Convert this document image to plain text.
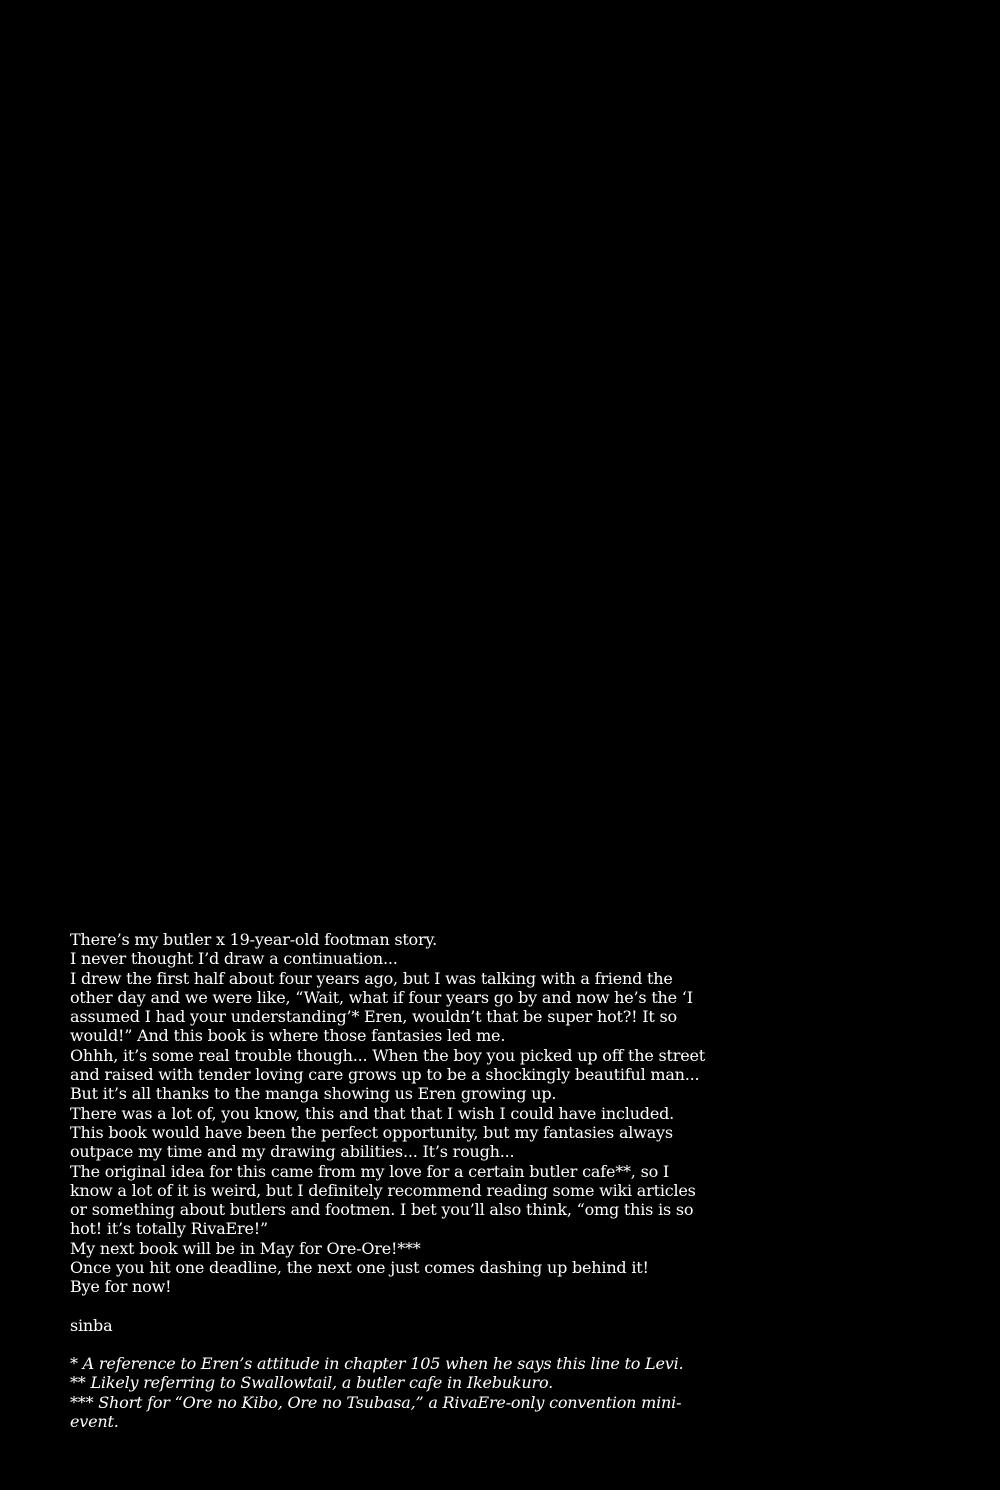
There’s my butler x 19-year-old footman story.

I never thought I’d draw a continuation...

I drew the first half about four years ago, but I was talking with a friend the other day and we were like, “Wait, what if four years go by and now he’s the ‘I assumed I had your understanding’* Eren, wouldn’t that be super hot?! It so would!” And this book is where those fantasies led me.

Ohhh, it’s some real trouble though... When the boy you picked up off the street and raised with tender loving care grows up to be a shockingly beautiful man...

But it’s all thanks to the manga showing us Eren growing up.

There was a lot of, you know, this and that that I wish I could have included. This book would have been the perfect opportunity, but my fantasies always outpace my time and my drawing abilities... It’s rough...

The original idea for this came from my love for a certain butler cafe**, so I know a lot of it is weird, but I definitely recommend reading some wiki articles or something about butlers and footmen. I bet you’ll also think, “omg this is so hot! it’s totally RivaEre!”

My next book will be in May for Ore-Ore!***

Once you hit one deadline, the next one just comes dashing up behind it!

Bye for now!

sinba

* A reference to Eren’s attitude in chapter 105 when he says this line to Levi.

** Likely referring to Swallowtail, a butler cafe in Ikebukuro.

*** Short for “Ore no Kibo, Ore no Tsubasa,” a RivaEre-only convention mini-event.
